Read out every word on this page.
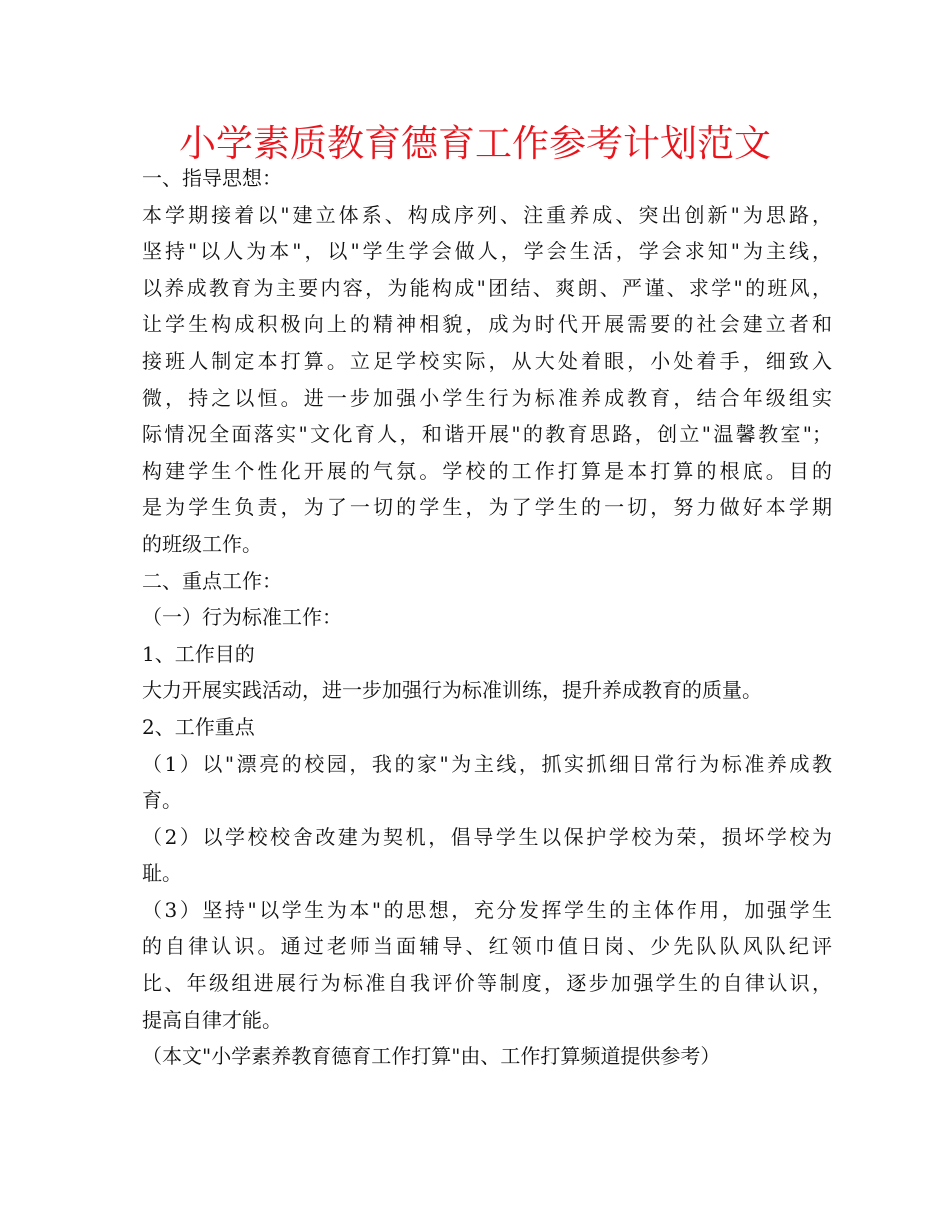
小学素质教育德育工作参考计划范文
一、指导思想：
本学期接着以"建立体系、构成序列、注重养成、突出创新"为思路，
坚持"以人为本"，以"学生学会做人，学会生活，学会求知"为主线，
以养成教育为主要内容，为能构成"团结、爽朗、严谨、求学"的班风，
让学生构成积极向上的精神相貌，成为时代开展需要的社会建立者和
接班人制定本打算。立足学校实际，从大处着眼，小处着手，细致入
微，持之以恒。进一步加强小学生行为标准养成教育，结合年级组实
际情况全面落实"文化育人，和谐开展"的教育思路，创立"温馨教室"；
构建学生个性化开展的气氛。学校的工作打算是本打算的根底。目的
是为学生负责，为了一切的学生，为了学生的一切，努力做好本学期
的班级工作。
二、重点工作：
（一）行为标准工作：
1、工作目的
大力开展实践活动，进一步加强行为标准训练，提升养成教育的质量。
2、工作重点
（1）以"漂亮的校园，我的家"为主线，抓实抓细日常行为标准养成教
育。
（2）以学校校舍改建为契机，倡导学生以保护学校为荣，损坏学校为
耻。
（3）坚持"以学生为本"的思想，充分发挥学生的主体作用，加强学生
的自律认识。通过老师当面辅导、红领巾值日岗、少先队队风队纪评
比、年级组进展行为标准自我评价等制度，逐步加强学生的自律认识，
提高自律才能。
（本文"小学素养教育德育工作打算"由、工作打算频道提供参考）
